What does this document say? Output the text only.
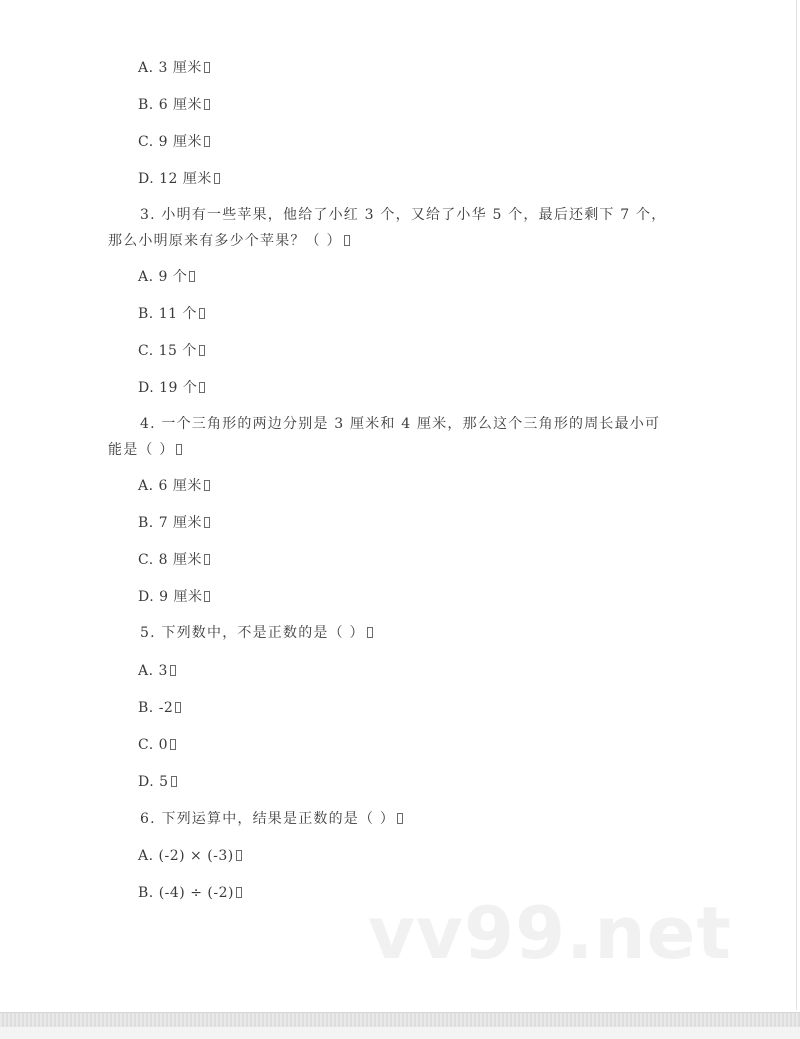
A. 3 厘米
B. 6 厘米
C. 9 厘米
D. 12 厘米
3. 小明有一些苹果，他给了小红 3 个，又给了小华 5 个，最后还剩下 7 个，
那么小明原来有多少个苹果？（ ）
A. 9 个
B. 11 个
C. 15 个
D. 19 个
4. 一个三角形的两边分别是 3 厘米和 4 厘米，那么这个三角形的周长最小可
能是（ ）
A. 6 厘米
B. 7 厘米
C. 8 厘米
D. 9 厘米
5. 下列数中，不是正数的是（ ）
A. 3
B. -2
C. 0
D. 5
6. 下列运算中，结果是正数的是（ ）
A. (-2) × (-3)
B. (-4) ÷ (-2) vv99.net
